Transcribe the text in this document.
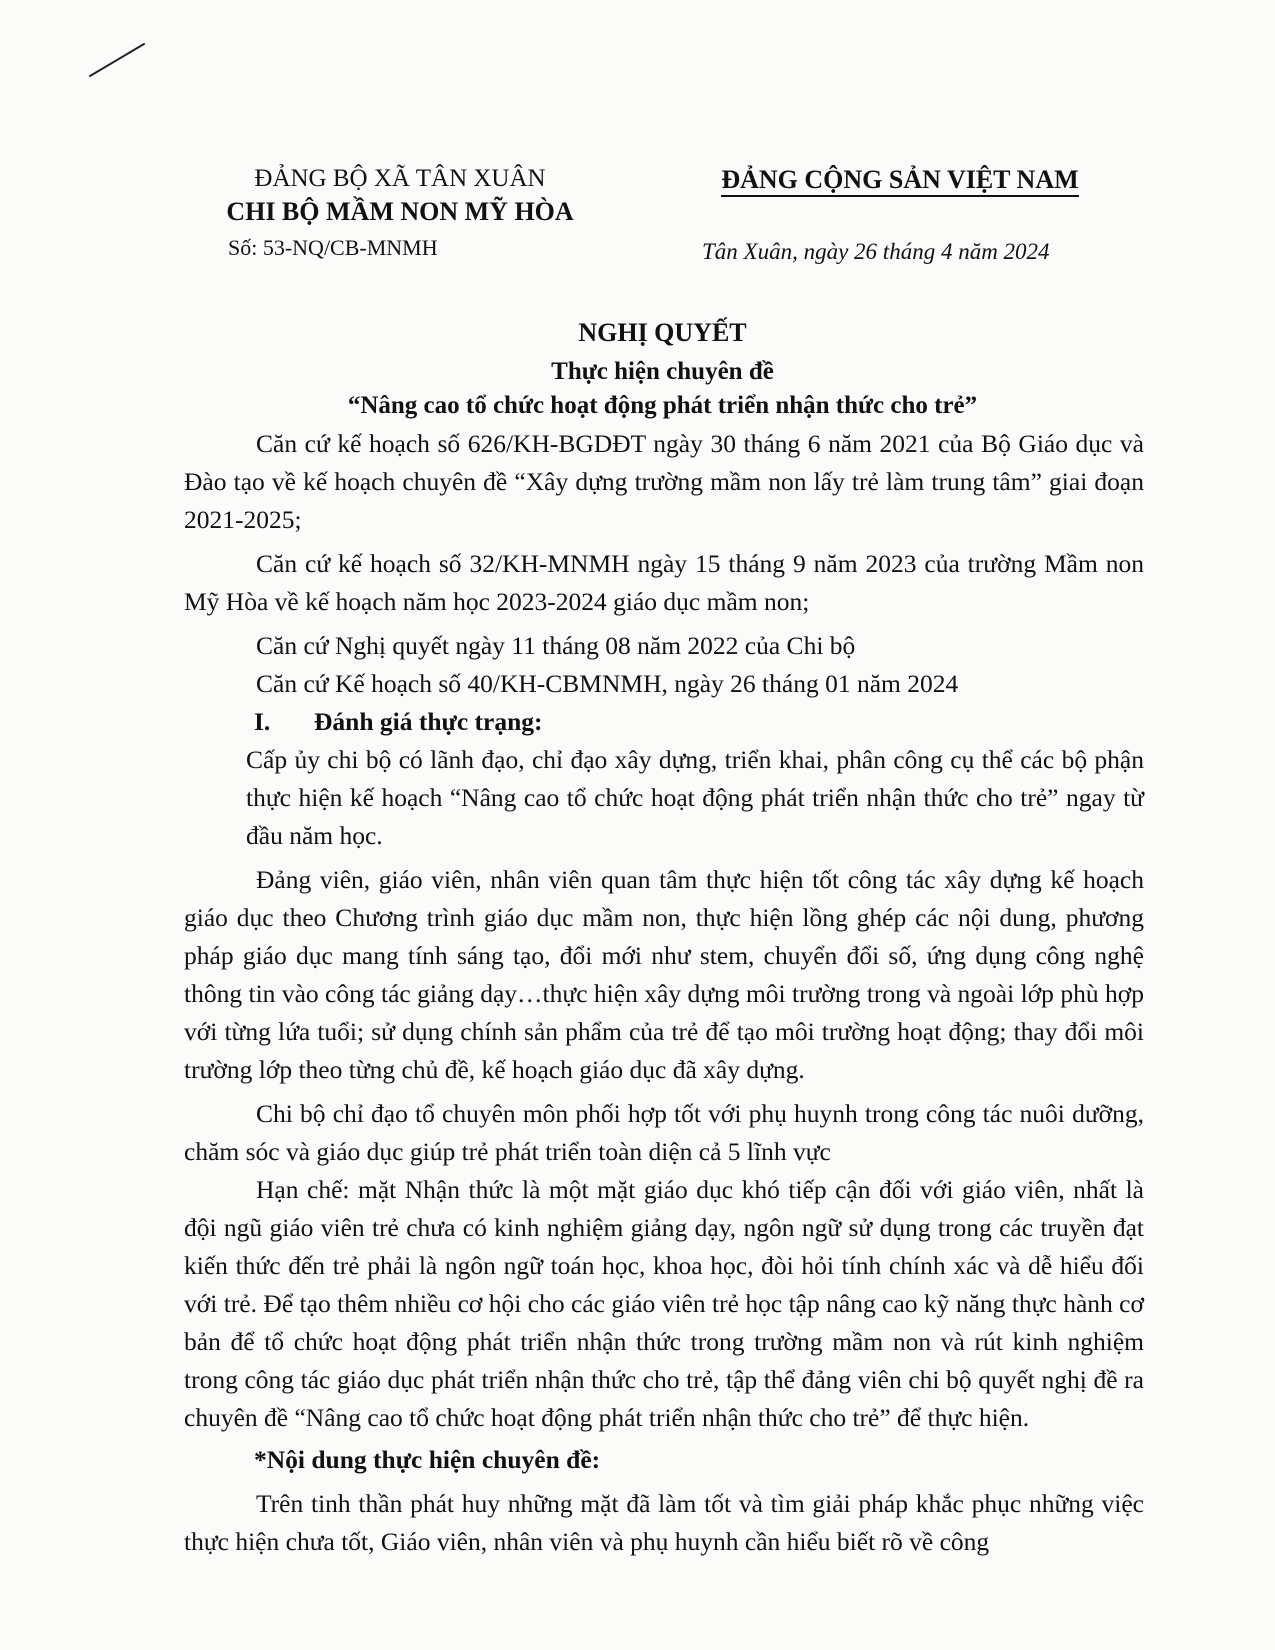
ĐẢNG BỘ XÃ TÂN XUÂN
CHI BỘ MẦM NON MỸ HÒA
Số: 53-NQ/CB-MNMH
ĐẢNG CỘNG SẢN VIỆT NAM
Tân Xuân, ngày 26 tháng 4 năm 2024
NGHỊ QUYẾT
Thực hiện chuyên đề
“Nâng cao tổ chức hoạt động phát triển nhận thức cho trẻ”

Căn cứ kế hoạch số 626/KH-BGDĐT ngày 30 tháng 6 năm 2021 của Bộ Giáo dục và Đào tạo về kế hoạch chuyên đề “Xây dựng trường mầm non lấy trẻ làm trung tâm” giai đoạn 2021-2025;

Căn cứ kế hoạch số 32/KH-MNMH ngày 15 tháng 9 năm 2023 của trường Mầm non Mỹ Hòa về kế hoạch năm học 2023-2024 giáo dục mầm non;

Căn cứ Nghị quyết ngày 11 tháng 08 năm 2022 của Chi bộ

Căn cứ Kế hoạch số 40/KH-CBMNMH, ngày 26 tháng 01 năm 2024

I. Đánh giá thực trạng:

Cấp ủy chi bộ có lãnh đạo, chỉ đạo xây dựng, triển khai, phân công cụ thể các bộ phận thực hiện kế hoạch “Nâng cao tổ chức hoạt động phát triển nhận thức cho trẻ” ngay từ đầu năm học.

Đảng viên, giáo viên, nhân viên quan tâm thực hiện tốt công tác xây dựng kế hoạch giáo dục theo Chương trình giáo dục mầm non, thực hiện lồng ghép các nội dung, phương pháp giáo dục mang tính sáng tạo, đổi mới như stem, chuyển đổi số, ứng dụng công nghệ thông tin vào công tác giảng dạy…thực hiện xây dựng môi trường trong và ngoài lớp phù hợp với từng lứa tuổi; sử dụng chính sản phẩm của trẻ để tạo môi trường hoạt động; thay đổi môi trường lớp theo từng chủ đề, kế hoạch giáo dục đã xây dựng.

Chi bộ chỉ đạo tổ chuyên môn phối hợp tốt với phụ huynh trong công tác nuôi dưỡng, chăm sóc và giáo dục giúp trẻ phát triển toàn diện cả 5 lĩnh vực

Hạn chế: mặt Nhận thức là một mặt giáo dục khó tiếp cận đối với giáo viên, nhất là đội ngũ giáo viên trẻ chưa có kinh nghiệm giảng dạy, ngôn ngữ sử dụng trong các truyền đạt kiến thức đến trẻ phải là ngôn ngữ toán học, khoa học, đòi hỏi tính chính xác và dễ hiểu đối với trẻ. Để tạo thêm nhiều cơ hội cho các giáo viên trẻ học tập nâng cao kỹ năng thực hành cơ bản để tổ chức hoạt động phát triển nhận thức trong trường mầm non và rút kinh nghiệm trong công tác giáo dục phát triển nhận thức cho trẻ, tập thể đảng viên chi bộ quyết nghị đề ra chuyên đề “Nâng cao tổ chức hoạt động phát triển nhận thức cho trẻ” để thực hiện.

*Nội dung thực hiện chuyên đề:

Trên tinh thần phát huy những mặt đã làm tốt và tìm giải pháp khắc phục những việc thực hiện chưa tốt, Giáo viên, nhân viên và phụ huynh cần hiểu biết rõ về công
